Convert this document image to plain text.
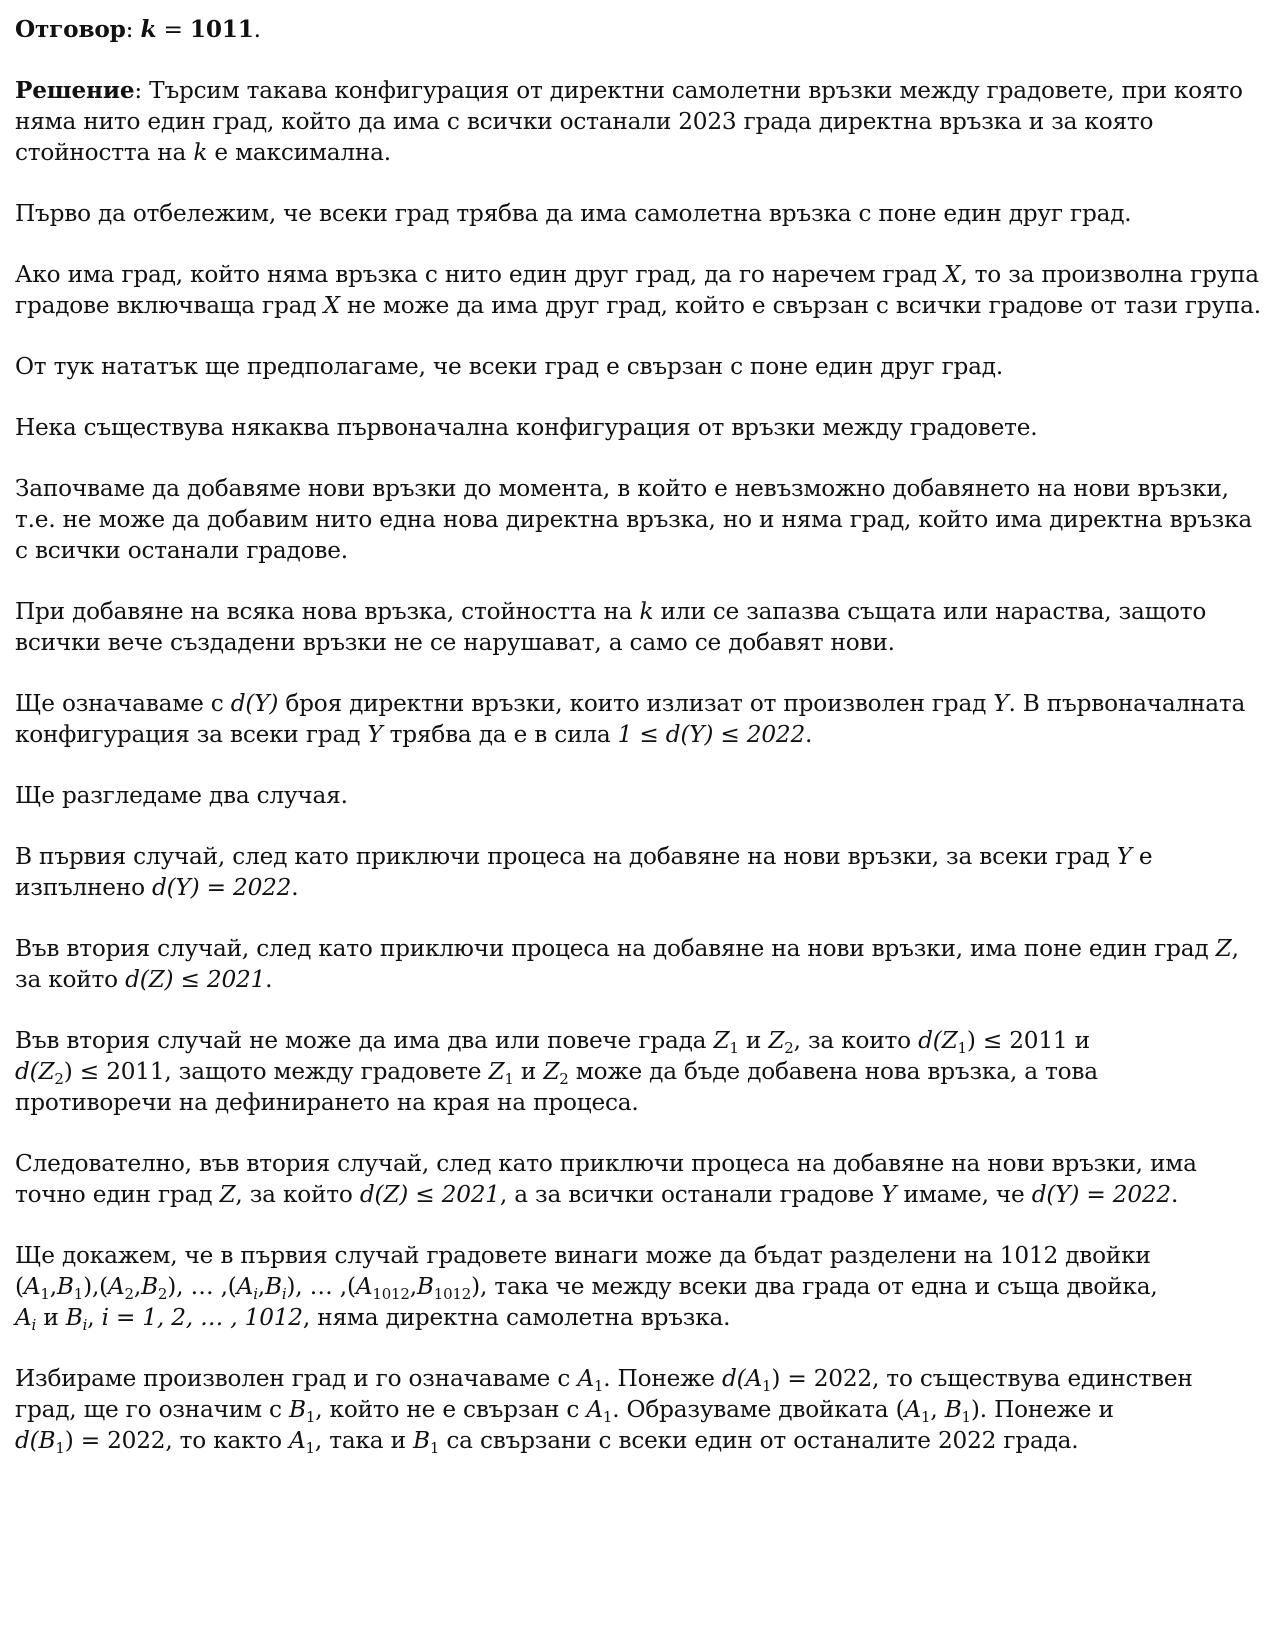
Отговор: k = 1011.
Решение: Търсим такава конфигурация от директни самолетни връзки между градовете, при която
няма нито един град, който да има с всички останали 2023 града директна връзка и за която
стойността на k е максимална.
Първо да отбележим, че всеки град трябва да има самолетна връзка с поне един друг град.
Ако има град, който няма връзка с нито един друг град, да го наречем град X, то за произволна група
градове включваща град X не може да има друг град, който е свързан с всички градове от тази група.
От тук нататък ще предполагаме, че всеки град е свързан с поне един друг град.
Нека съществува някаква първоначална конфигурация от връзки между градовете.
Започваме да добавяме нови връзки до момента, в който е невъзможно добавянето на нови връзки,
т.е. не може да добавим нито една нова директна връзка, но и няма град, който има директна връзка
с всички останали градове.
При добавяне на всяка нова връзка, стойността на k или се запазва същата или нараства, защото
всички вече създадени връзки не се нарушават, а само се добавят нови.
Ще означаваме с d(Y) броя директни връзки, които излизат от произволен град Y. В първоначалната
конфигурация за всеки град Y трябва да е в сила 1 ≤ d(Y) ≤ 2022.
Ще разгледаме два случая.
В първия случай, след като приключи процеса на добавяне на нови връзки, за всеки град Y е
изпълнено d(Y) = 2022.
Във втория случай, след като приключи процеса на добавяне на нови връзки, има поне един град Z,
за който d(Z) ≤ 2021.
Във втория случай не може да има два или повече града $Z_1$ и $Z_2$, за които $d(Z_1) \le 2011$ и
$d(Z_2) \le 2011$, защото между градовете $Z_1$ и $Z_2$ може да бъде добавена нова връзка, а това
противоречи на дефинирането на края на процеса.
Следователно, във втория случай, след като приключи процеса на добавяне на нови връзки, има
точно един град Z, за който d(Z) ≤ 2021, а за всички останали градове Y имаме, че d(Y) = 2022.
Ще докажем, че в първия случай градовете винаги може да бъдат разделени на 1012 двойки
$(A_1,B_1),(A_2,B_2)$, … $,(A_i,B_i)$, … $,(A_{1012},B_{1012})$, така че между всеки два града от една и съща двойка,
$A_i$ и $B_i$, i = 1, 2, … , 1012, няма директна самолетна връзка.
Избираме произволен град и го означаваме с $A_1$. Понеже $d(A_1) = 2022$, то съществува единствен
град, ще го означим с $B_1$, който не е свързан с $A_1$. Образуваме двойката ($A_1$, $B_1$). Понеже и
$d(B_1) = 2022$, то както $A_1$, така и $B_1$ са свързани с всеки един от останалите 2022 града.
